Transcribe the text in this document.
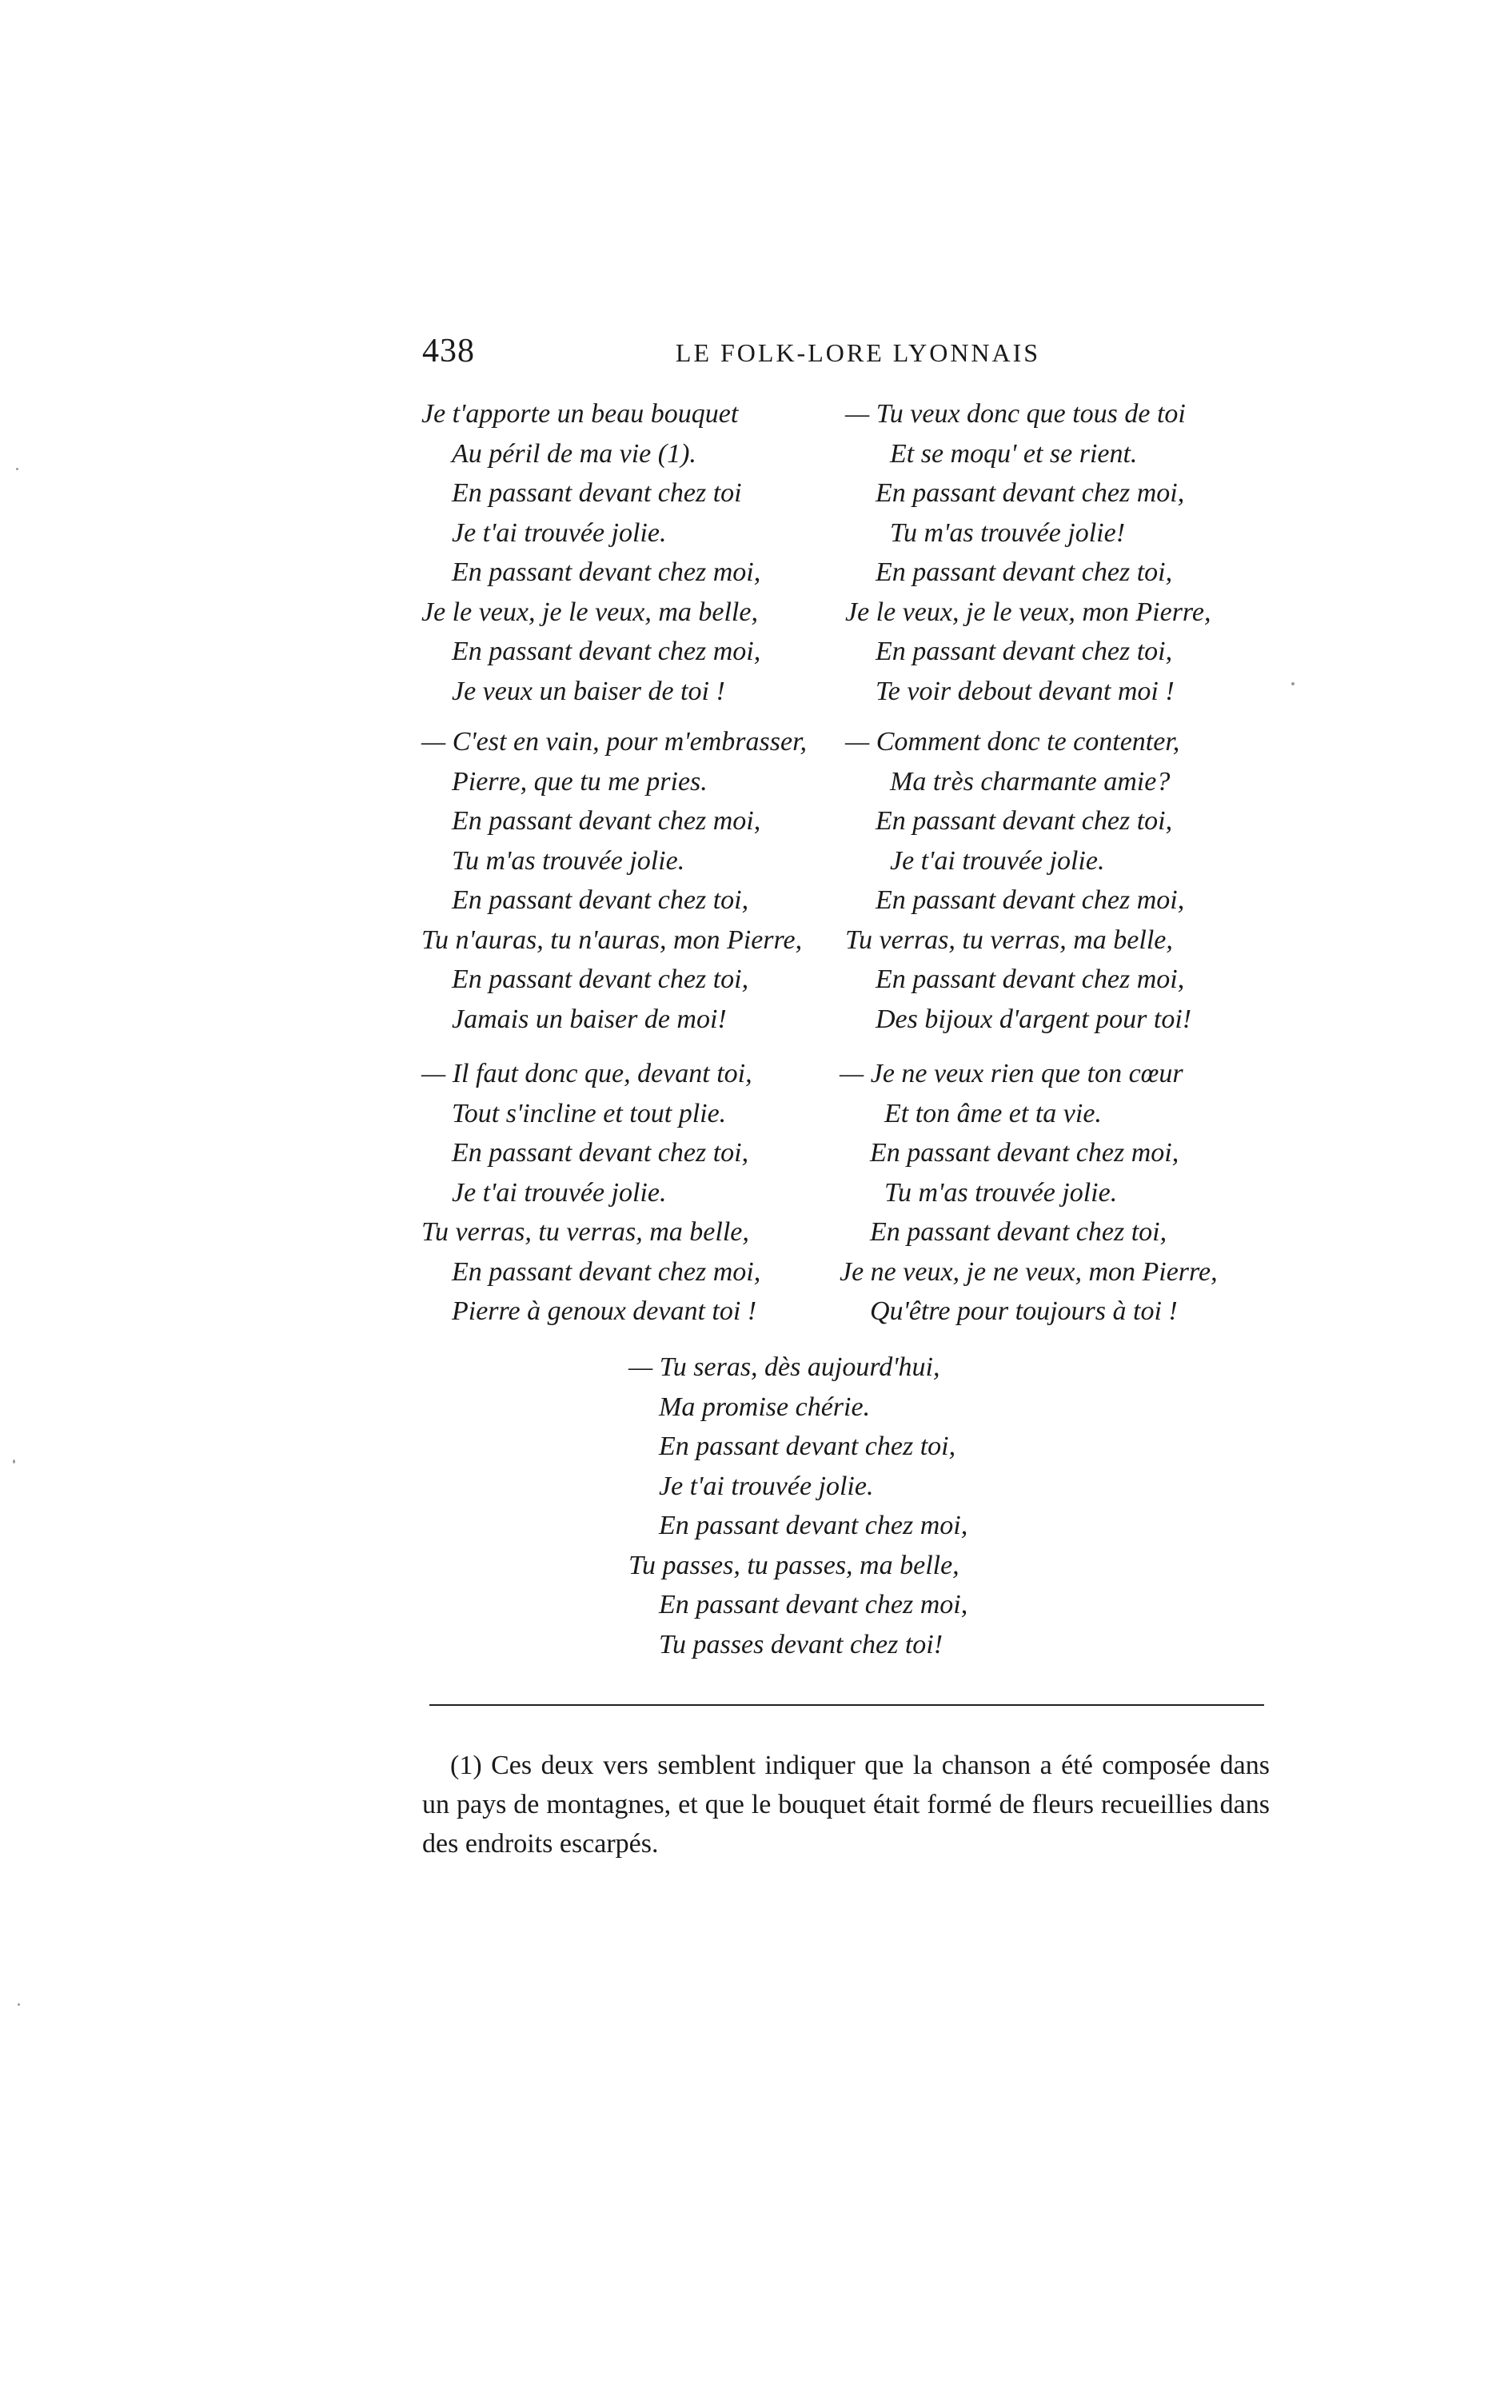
438	LE FOLK-LORE LYONNAIS
Je t'apporte un beau bouquet
Au péril de ma vie (1).
En passant devant chez toi
Je t'ai trouvée jolie.
En passant devant chez moi,
Je le veux, je le veux, ma belle,
En passant devant chez moi,
Je veux un baiser de toi !
— Tu veux donc que tous de toi
Et se moqu' et se rient.
En passant devant chez moi,
Tu m'as trouvée jolie!
En passant devant chez toi,
Je le veux, je le veux, mon Pierre,
En passant devant chez toi,
Te voir debout devant moi !
— C'est en vain, pour m'embrasser,
Pierre, que tu me pries.
En passant devant chez moi,
Tu m'as trouvée jolie.
En passant devant chez toi,
Tu n'auras, tu n'auras, mon Pierre,
En passant devant chez toi,
Jamais un baiser de moi!
— Comment donc te contenter,
Ma très charmante amie?
En passant devant chez toi,
Je t'ai trouvée jolie.
En passant devant chez moi,
Tu verras, tu verras, ma belle,
En passant devant chez moi,
Des bijoux d'argent pour toi!
— Il faut donc que, devant toi,
Tout s'incline et tout plie.
En passant devant chez toi,
Je t'ai trouvée jolie.
Tu verras, tu verras, ma belle,
En passant devant chez moi,
Pierre à genoux devant toi !
— Je ne veux rien que ton cœur
Et ton âme et ta vie.
En passant devant chez moi,
Tu m'as trouvée jolie.
En passant devant chez toi,
Je ne veux, je ne veux, mon Pierre,
Qu'être pour toujours à toi !
— Tu seras, dès aujourd'hui,
Ma promise chérie.
En passant devant chez toi,
Je t'ai trouvée jolie.
En passant devant chez moi,
Tu passes, tu passes, ma belle,
En passant devant chez moi,
Tu passes devant chez toi!
(1) Ces deux vers semblent indiquer que la chanson a été composée dans un pays de montagnes, et que le bouquet était formé de fleurs recueillies dans des endroits escarpés.
